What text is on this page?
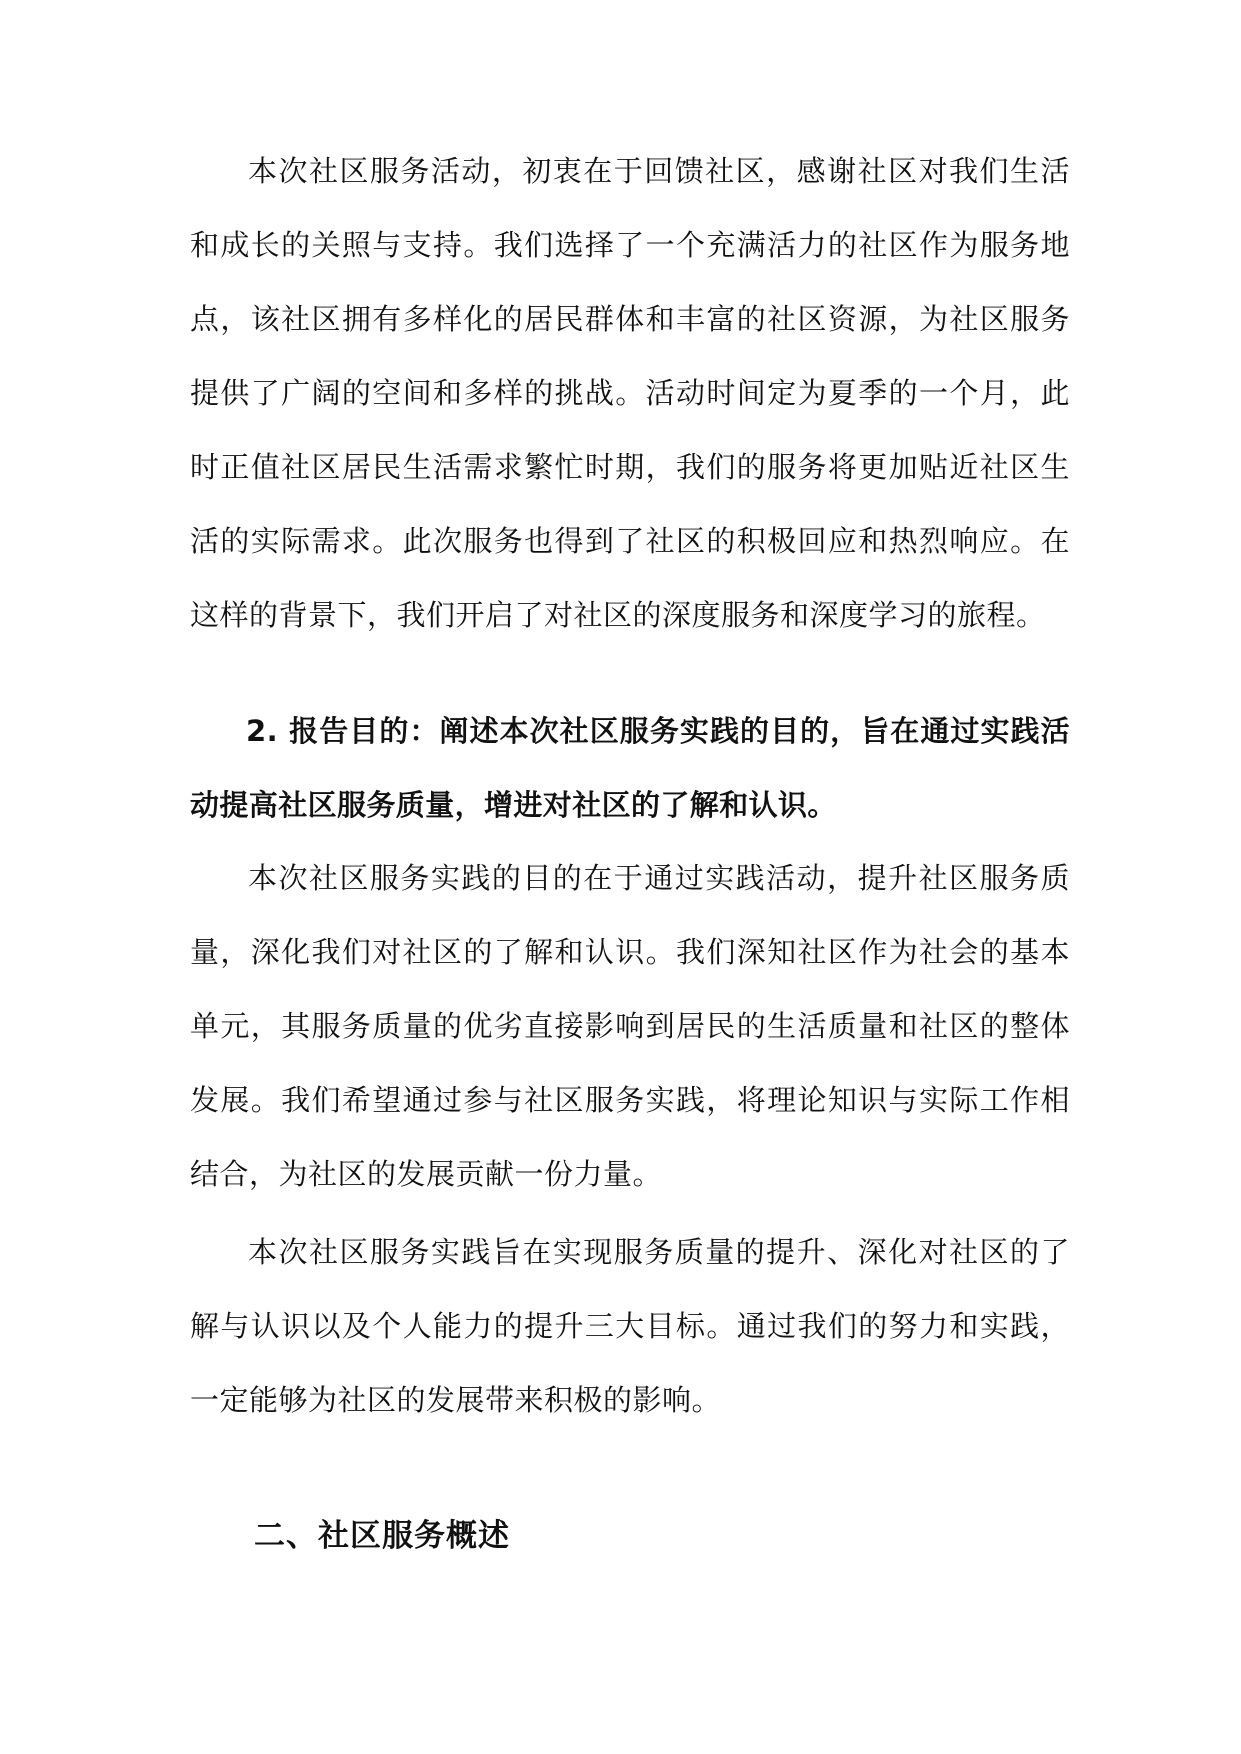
本次社区服务活动，初衷在于回馈社区，感谢社区对我们生活和成长的关照与支持。我们选择了一个充满活力的社区作为服务地点，该社区拥有多样化的居民群体和丰富的社区资源，为社区服务提供了广阔的空间和多样的挑战。活动时间定为夏季的一个月，此时正值社区居民生活需求繁忙时期，我们的服务将更加贴近社区生活的实际需求。此次服务也得到了社区的积极回应和热烈响应。在这样的背景下，我们开启了对社区的深度服务和深度学习的旅程。

2. 报告目的：阐述本次社区服务实践的目的，旨在通过实践活动提高社区服务质量，增进对社区的了解和认识。

本次社区服务实践的目的在于通过实践活动，提升社区服务质量，深化我们对社区的了解和认识。我们深知社区作为社会的基本单元，其服务质量的优劣直接影响到居民的生活质量和社区的整体发展。我们希望通过参与社区服务实践，将理论知识与实际工作相结合，为社区的发展贡献一份力量。

本次社区服务实践旨在实现服务质量的提升、深化对社区的了解与认识以及个人能力的提升三大目标。通过我们的努力和实践，一定能够为社区的发展带来积极的影响。

二、社区服务概述
